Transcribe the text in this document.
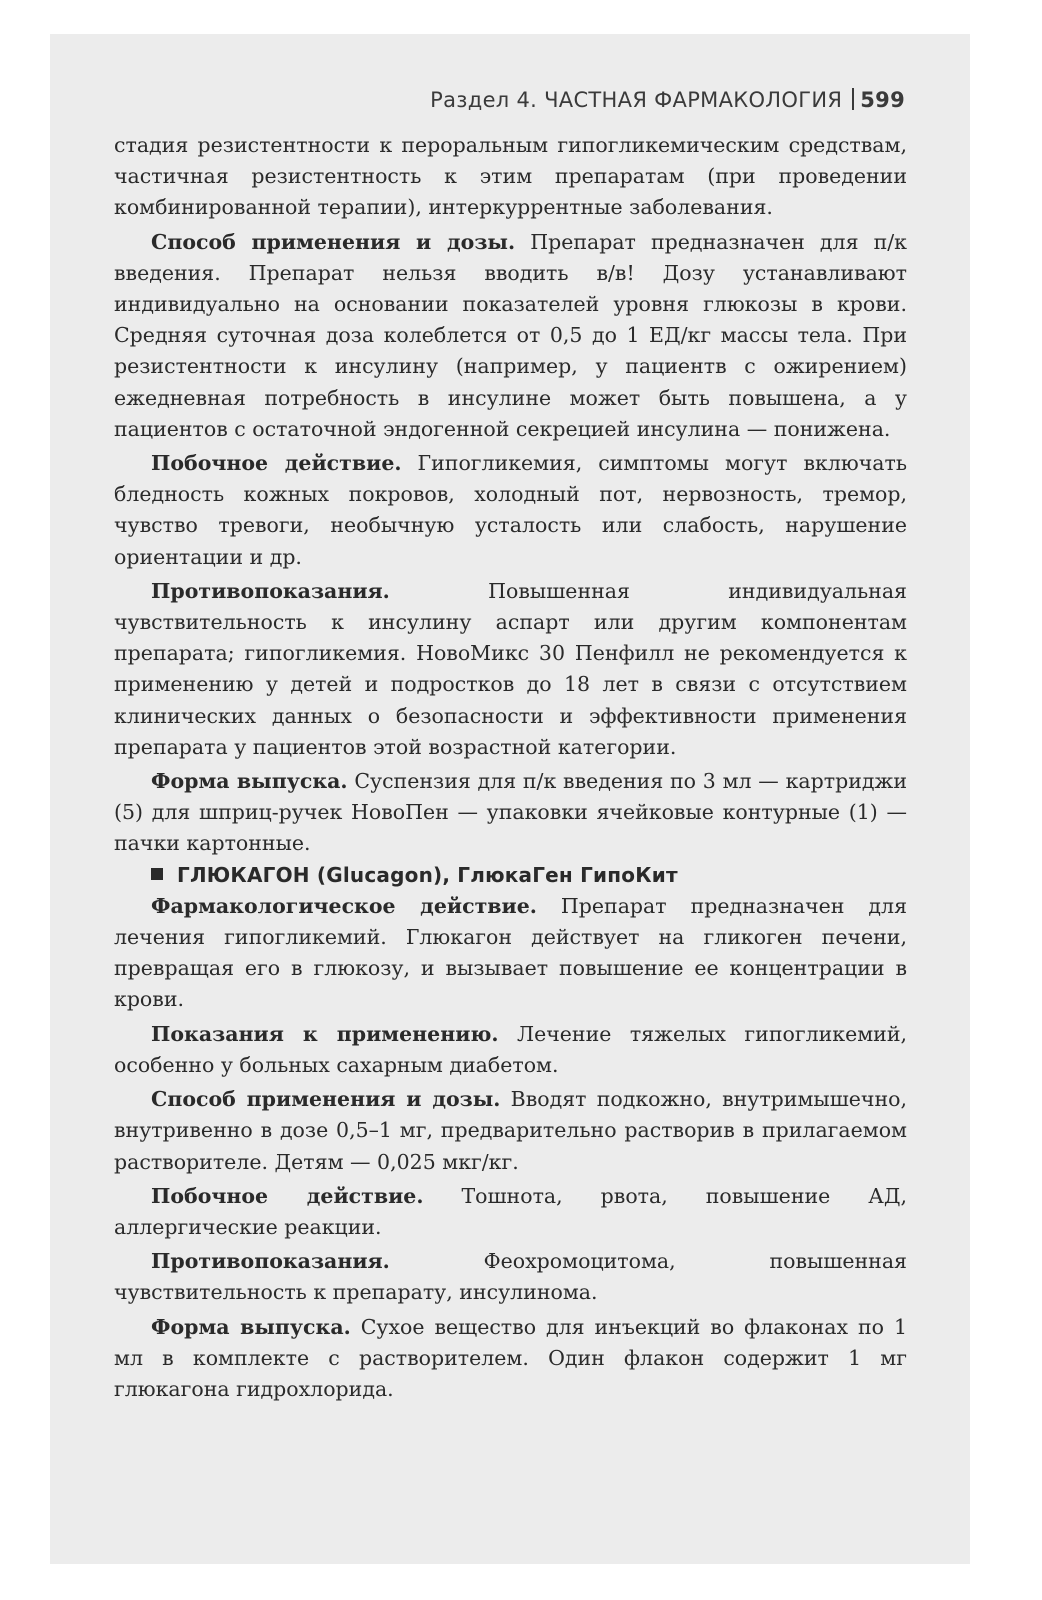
Раздел 4. ЧАСТНАЯ ФАРМАКОЛОГИЯ 599

стадия резистентности к пероральным гипогликемическим средствам, частичная резистентность к этим препаратам (при проведении комбинированной терапии), интеркуррентные заболевания.

Способ применения и дозы. Препарат предназначен для п/к введения. Препарат нельзя вводить в/в! Дозу устанавливают индивидуально на основании показателей уровня глюкозы в крови. Средняя суточная доза колеблется от 0,5 до 1 ЕД/кг массы тела. При резистентности к инсулину (например, у пациентв с ожирением) ежедневная потребность в инсулине может быть повышена, а у пациентов с остаточной эндогенной секрецией инсулина — понижена.

Побочное действие. Гипогликемия, симптомы могут включать бледность кожных покровов, холодный пот, нервозность, тремор, чувство тревоги, необычную усталость или слабость, нарушение ориентации и др.

Противопоказания. Повышенная индивидуальная чувствительность к инсулину аспарт или другим компонентам препарата; гипогликемия. НовоМикс 30 Пенфилл не рекомендуется к применению у детей и подростков до 18 лет в связи с отсутствием клинических данных о безопасности и эффективности применения препарата у пациентов этой возрастной категории.

Форма выпуска. Суспензия для п/к введения по 3 мл — картриджи (5) для шприц-ручек НовоПен — упаковки ячейковые контурные (1) — пачки картонные.

ГЛЮКАГОН (Glucagon), ГлюкаГен ГипоКит

Фармакологическое действие. Препарат предназначен для лечения гипогликемий. Глюкагон действует на гликоген печени, превращая его в глюкозу, и вызывает повышение ее концентрации в крови.

Показания к применению. Лечение тяжелых гипогликемий, особенно у больных сахарным диабетом.

Способ применения и дозы. Вводят подкожно, внутримышечно, внутривенно в дозе 0,5–1 мг, предварительно растворив в прилагаемом растворителе. Детям — 0,025 мкг/кг.

Побочное действие. Тошнота, рвота, повышение АД, аллергические реакции.

Противопоказания. Феохромоцитома, повышенная чувствительность к препарату, инсулинома.

Форма выпуска. Сухое вещество для инъекций во флаконах по 1 мл в комплекте с растворителем. Один флакон содержит 1 мг глюкагона гидрохлорида.
